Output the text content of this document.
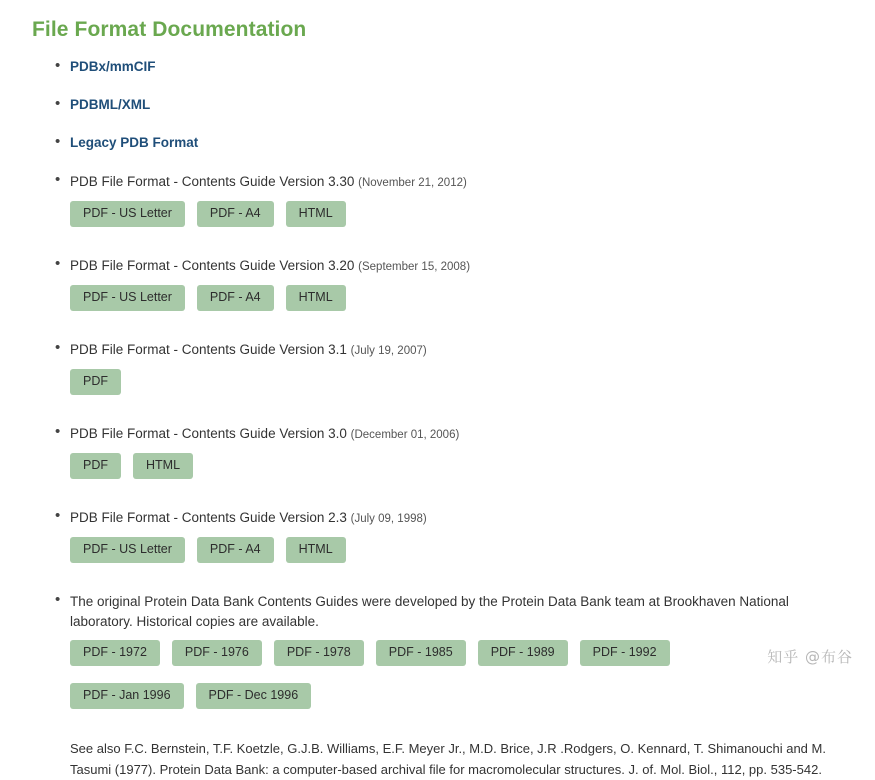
File Format Documentation
• PDBx/mmCIF
• PDBML/XML
• Legacy PDB Format
• PDB File Format - Contents Guide Version 3.30 (November 21, 2012)
PDF - US Letter	PDF - A4	HTML
• PDB File Format - Contents Guide Version 3.20 (September 15, 2008)
PDF - US Letter	PDF - A4	HTML
• PDB File Format - Contents Guide Version 3.1 (July 19, 2007)
PDF
• PDB File Format - Contents Guide Version 3.0 (December 01, 2006)
PDF	HTML
• PDB File Format - Contents Guide Version 2.3 (July 09, 1998)
PDF - US Letter	PDF - A4	HTML
• The original Protein Data Bank Contents Guides were developed by the Protein Data Bank team at Brookhaven National laboratory. Historical copies are available.
PDF - 1972	PDF - 1976	PDF - 1978	PDF - 1985	PDF - 1989	PDF - 1992
PDF - Jan 1996	PDF - Dec 1996
See also F.C. Bernstein, T.F. Koetzle, G.J.B. Williams, E.F. Meyer Jr., M.D. Brice, J.R .Rodgers, O. Kennard, T. Shimanouchi and M. Tasumi (1977). Protein Data Bank: a computer-based archival file for macromolecular structures. J. of. Mol. Biol., 112, pp. 535-542.
知乎 @布谷
